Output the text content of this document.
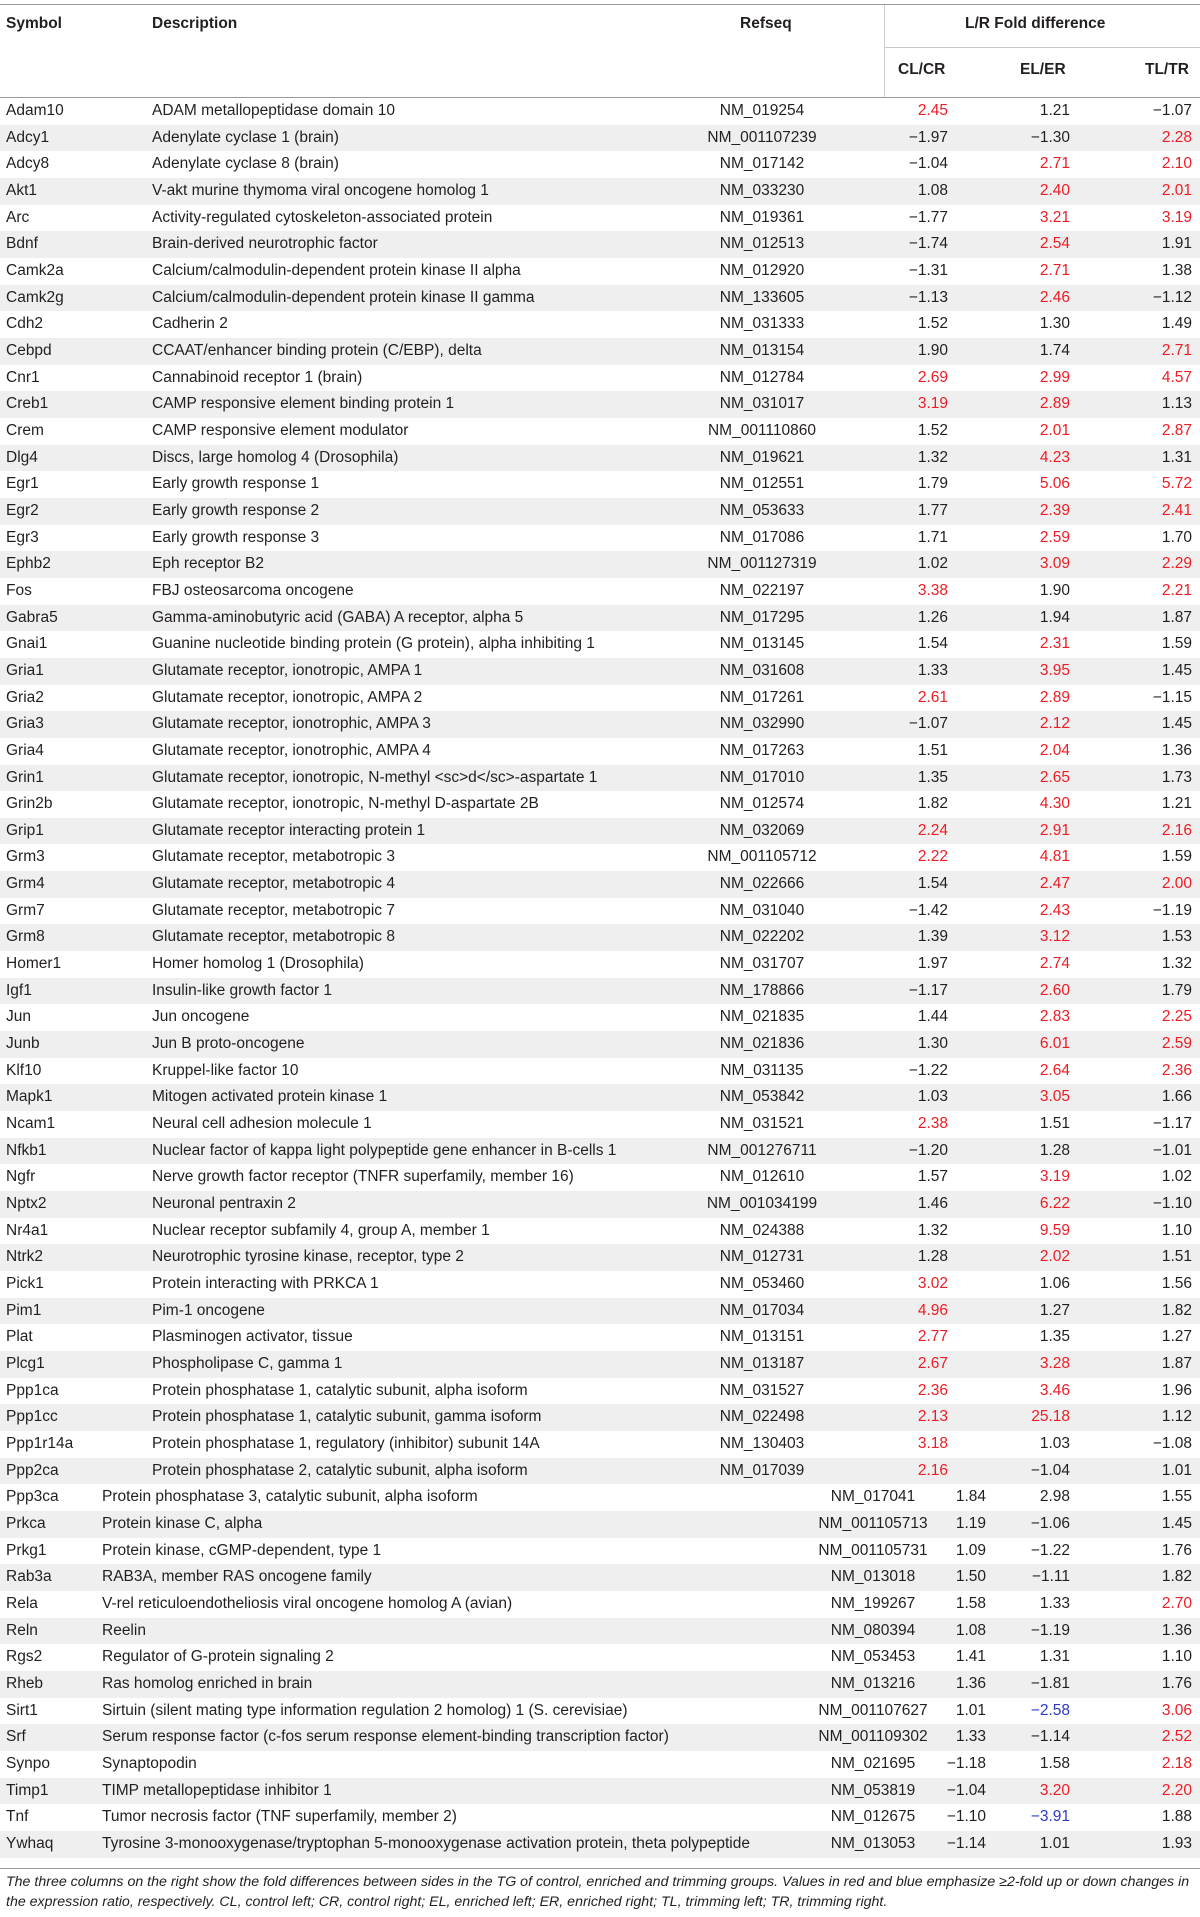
Symbol	Description	Refseq	L/R Fold difference
CL/CR	EL/ER	TL/TR
Adam10	ADAM metallopeptidase domain 10	NM_019254	2.45	1.21	−1.07
Adcy1	Adenylate cyclase 1 (brain)	NM_001107239	−1.97	−1.30	2.28
Adcy8	Adenylate cyclase 8 (brain)	NM_017142	−1.04	2.71	2.10
Akt1	V-akt murine thymoma viral oncogene homolog 1	NM_033230	1.08	2.40	2.01
Arc	Activity-regulated cytoskeleton-associated protein	NM_019361	−1.77	3.21	3.19
Bdnf	Brain-derived neurotrophic factor	NM_012513	−1.74	2.54	1.91
Camk2a	Calcium/calmodulin-dependent protein kinase II alpha	NM_012920	−1.31	2.71	1.38
Camk2g	Calcium/calmodulin-dependent protein kinase II gamma	NM_133605	−1.13	2.46	−1.12
Cdh2	Cadherin 2	NM_031333	1.52	1.30	1.49
Cebpd	CCAAT/enhancer binding protein (C/EBP), delta	NM_013154	1.90	1.74	2.71
Cnr1	Cannabinoid receptor 1 (brain)	NM_012784	2.69	2.99	4.57
Creb1	CAMP responsive element binding protein 1	NM_031017	3.19	2.89	1.13
Crem	CAMP responsive element modulator	NM_001110860	1.52	2.01	2.87
Dlg4	Discs, large homolog 4 (Drosophila)	NM_019621	1.32	4.23	1.31
Egr1	Early growth response 1	NM_012551	1.79	5.06	5.72
Egr2	Early growth response 2	NM_053633	1.77	2.39	2.41
Egr3	Early growth response 3	NM_017086	1.71	2.59	1.70
Ephb2	Eph receptor B2	NM_001127319	1.02	3.09	2.29
Fos	FBJ osteosarcoma oncogene	NM_022197	3.38	1.90	2.21
Gabra5	Gamma-aminobutyric acid (GABA) A receptor, alpha 5	NM_017295	1.26	1.94	1.87
Gnai1	Guanine nucleotide binding protein (G protein), alpha inhibiting 1	NM_013145	1.54	2.31	1.59
Gria1	Glutamate receptor, ionotropic, AMPA 1	NM_031608	1.33	3.95	1.45
Gria2	Glutamate receptor, ionotropic, AMPA 2	NM_017261	2.61	2.89	−1.15
Gria3	Glutamate receptor, ionotrophic, AMPA 3	NM_032990	−1.07	2.12	1.45
Gria4	Glutamate receptor, ionotrophic, AMPA 4	NM_017263	1.51	2.04	1.36
Grin1	Glutamate receptor, ionotropic, N-methyl <sc>d</sc>-aspartate 1	NM_017010	1.35	2.65	1.73
Grin2b	Glutamate receptor, ionotropic, N-methyl D-aspartate 2B	NM_012574	1.82	4.30	1.21
Grip1	Glutamate receptor interacting protein 1	NM_032069	2.24	2.91	2.16
Grm3	Glutamate receptor, metabotropic 3	NM_001105712	2.22	4.81	1.59
Grm4	Glutamate receptor, metabotropic 4	NM_022666	1.54	2.47	2.00
Grm7	Glutamate receptor, metabotropic 7	NM_031040	−1.42	2.43	−1.19
Grm8	Glutamate receptor, metabotropic 8	NM_022202	1.39	3.12	1.53
Homer1	Homer homolog 1 (Drosophila)	NM_031707	1.97	2.74	1.32
Igf1	Insulin-like growth factor 1	NM_178866	−1.17	2.60	1.79
Jun	Jun oncogene	NM_021835	1.44	2.83	2.25
Junb	Jun B proto-oncogene	NM_021836	1.30	6.01	2.59
Klf10	Kruppel-like factor 10	NM_031135	−1.22	2.64	2.36
Mapk1	Mitogen activated protein kinase 1	NM_053842	1.03	3.05	1.66
Ncam1	Neural cell adhesion molecule 1	NM_031521	2.38	1.51	−1.17
Nfkb1	Nuclear factor of kappa light polypeptide gene enhancer in B-cells 1	NM_001276711	−1.20	1.28	−1.01
Ngfr	Nerve growth factor receptor (TNFR superfamily, member 16)	NM_012610	1.57	3.19	1.02
Nptx2	Neuronal pentraxin 2	NM_001034199	1.46	6.22	−1.10
Nr4a1	Nuclear receptor subfamily 4, group A, member 1	NM_024388	1.32	9.59	1.10
Ntrk2	Neurotrophic tyrosine kinase, receptor, type 2	NM_012731	1.28	2.02	1.51
Pick1	Protein interacting with PRKCA 1	NM_053460	3.02	1.06	1.56
Pim1	Pim-1 oncogene	NM_017034	4.96	1.27	1.82
Plat	Plasminogen activator, tissue	NM_013151	2.77	1.35	1.27
Plcg1	Phospholipase C, gamma 1	NM_013187	2.67	3.28	1.87
Ppp1ca	Protein phosphatase 1, catalytic subunit, alpha isoform	NM_031527	2.36	3.46	1.96
Ppp1cc	Protein phosphatase 1, catalytic subunit, gamma isoform	NM_022498	2.13	25.18	1.12
Ppp1r14a	Protein phosphatase 1, regulatory (inhibitor) subunit 14A	NM_130403	3.18	1.03	−1.08
Ppp2ca	Protein phosphatase 2, catalytic subunit, alpha isoform	NM_017039	2.16	−1.04	1.01
Ppp3ca	Protein phosphatase 3, catalytic subunit, alpha isoform	NM_017041	1.84	2.98	1.55
Prkca	Protein kinase C, alpha	NM_001105713	1.19	−1.06	1.45
Prkg1	Protein kinase, cGMP-dependent, type 1	NM_001105731	1.09	−1.22	1.76
Rab3a	RAB3A, member RAS oncogene family	NM_013018	1.50	−1.11	1.82
Rela	V-rel reticuloendotheliosis viral oncogene homolog A (avian)	NM_199267	1.58	1.33	2.70
Reln	Reelin	NM_080394	1.08	−1.19	1.36
Rgs2	Regulator of G-protein signaling 2	NM_053453	1.41	1.31	1.10
Rheb	Ras homolog enriched in brain	NM_013216	1.36	−1.81	1.76
Sirt1	Sirtuin (silent mating type information regulation 2 homolog) 1 (S. cerevisiae)	NM_001107627	1.01	−2.58	3.06
Srf	Serum response factor (c-fos serum response element-binding transcription factor)	NM_001109302	1.33	−1.14	2.52
Synpo	Synaptopodin	NM_021695	−1.18	1.58	2.18
Timp1	TIMP metallopeptidase inhibitor 1	NM_053819	−1.04	3.20	2.20
Tnf	Tumor necrosis factor (TNF superfamily, member 2)	NM_012675	−1.10	−3.91	1.88
Ywhaq	Tyrosine 3-monooxygenase/tryptophan 5-monooxygenase activation protein, theta polypeptide	NM_013053	−1.14	1.01	1.93
The three columns on the right show the fold differences between sides in the TG of control, enriched and trimming groups. Values in red and blue emphasize ≥2-fold up or down changes in the expression ratio, respectively. CL, control left; CR, control right; EL, enriched left; ER, enriched right; TL, trimming left; TR, trimming right.
